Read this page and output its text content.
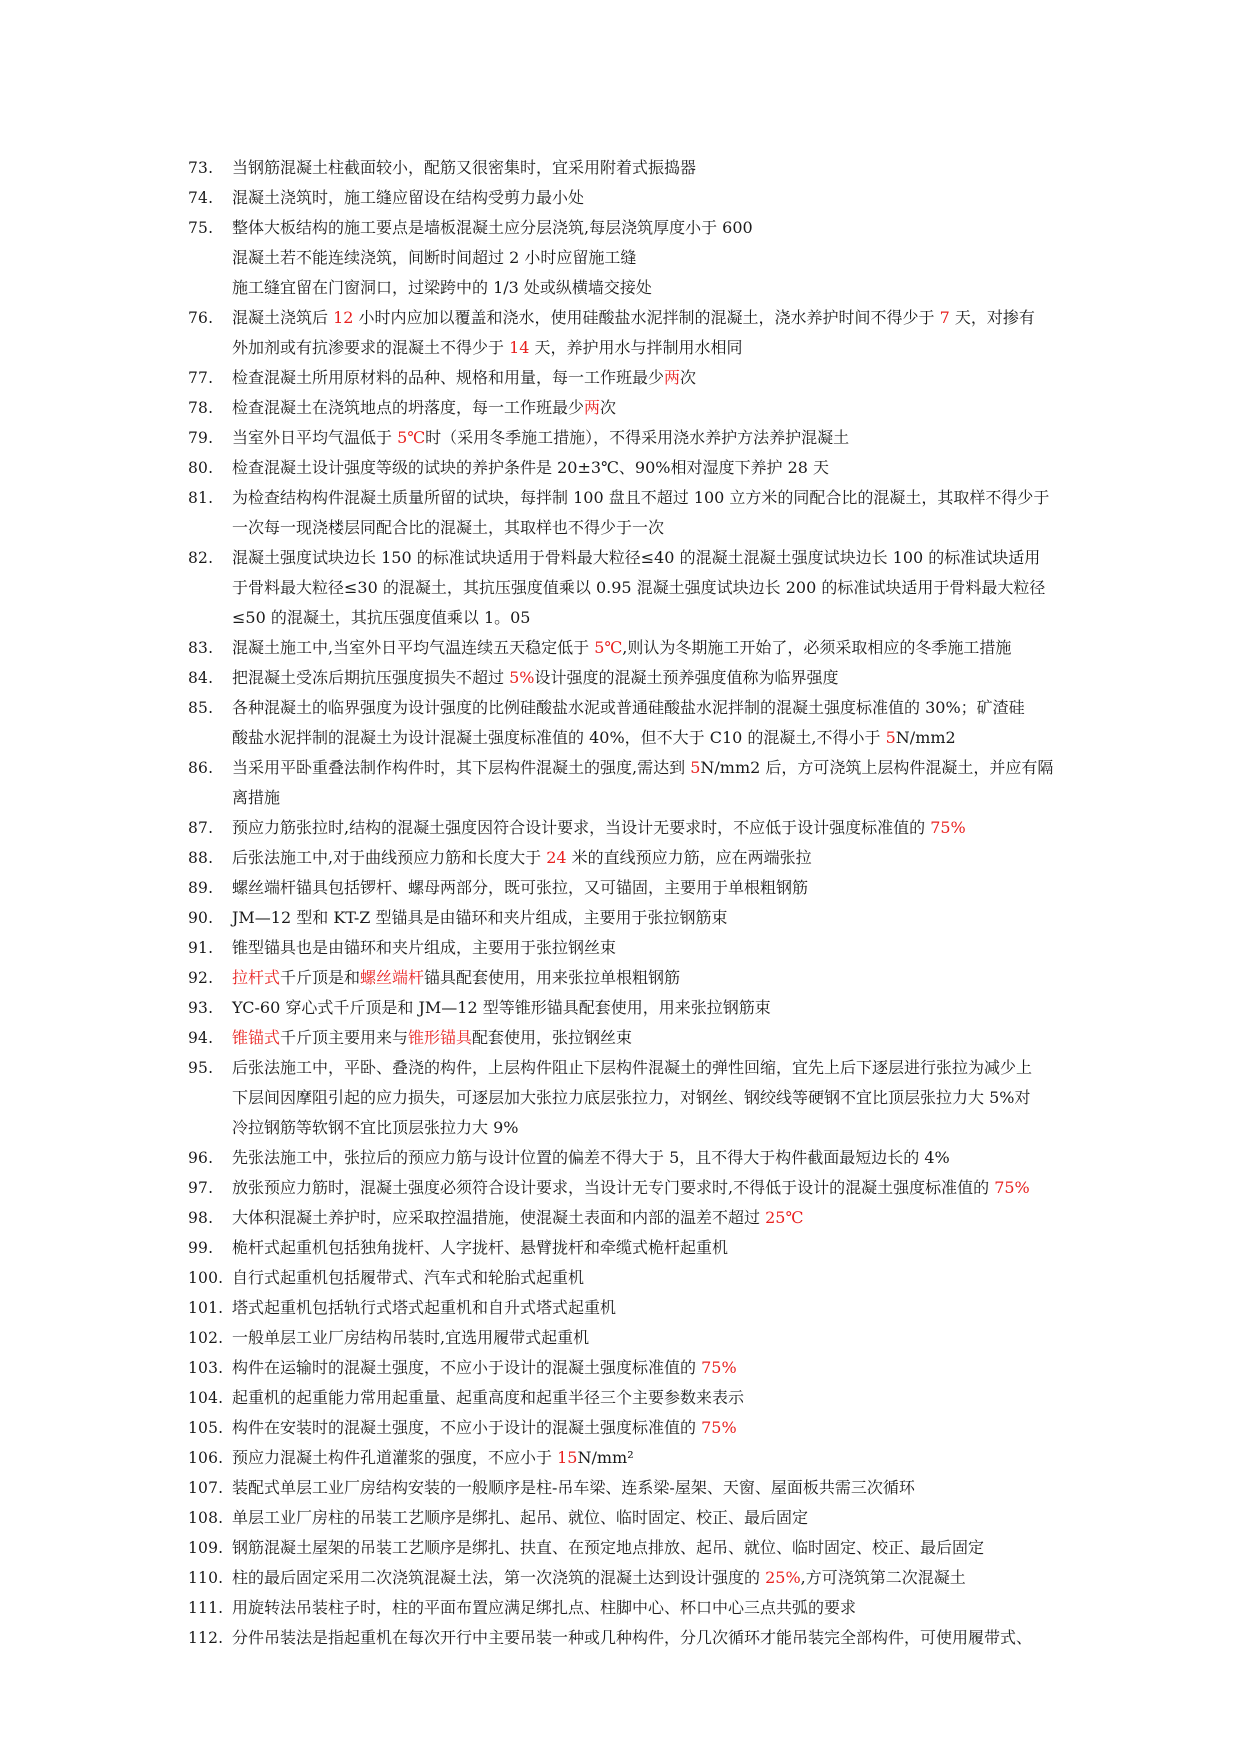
73.	当钢筋混凝土柱截面较小，配筋又很密集时，宜采用附着式振捣器
74.	混凝土浇筑时，施工缝应留设在结构受剪力最小处
75.	整体大板结构的施工要点是墙板混凝土应分层浇筑,每层浇筑厚度小于 600
混凝土若不能连续浇筑，间断时间超过 2 小时应留施工缝
施工缝宜留在门窗洞口，过梁跨中的 1/3 处或纵横墙交接处
76.	混凝土浇筑后 12 小时内应加以覆盖和浇水，使用硅酸盐水泥拌制的混凝土，浇水养护时间不得少于 7 天，对掺有
外加剂或有抗渗要求的混凝土不得少于 14 天，养护用水与拌制用水相同
77.	检查混凝土所用原材料的品种、规格和用量，每一工作班最少两次
78.	检查混凝土在浇筑地点的坍落度，每一工作班最少两次
79.	当室外日平均气温低于 5℃时（采用冬季施工措施），不得采用浇水养护方法养护混凝土
80.	检查混凝土设计强度等级的试块的养护条件是 20±3℃、90%相对湿度下养护 28 天
81.	为检查结构构件混凝土质量所留的试块，每拌制 100 盘且不超过 100 立方米的同配合比的混凝土，其取样不得少于
一次每一现浇楼层同配合比的混凝土，其取样也不得少于一次
82.	混凝土强度试块边长 150 的标准试块适用于骨料最大粒径≤40 的混凝土混凝土强度试块边长 100 的标准试块适用
于骨料最大粒径≤30 的混凝土，其抗压强度值乘以 0.95 混凝土强度试块边长 200 的标准试块适用于骨料最大粒径
≤50 的混凝土，其抗压强度值乘以 1。05
83.	混凝土施工中,当室外日平均气温连续五天稳定低于 5℃,则认为冬期施工开始了，必须采取相应的冬季施工措施
84.	把混凝土受冻后期抗压强度损失不超过 5%设计强度的混凝土预养强度值称为临界强度
85.	各种混凝土的临界强度为设计强度的比例硅酸盐水泥或普通硅酸盐水泥拌制的混凝土强度标准值的 30%；矿渣硅
酸盐水泥拌制的混凝土为设计混凝土强度标准值的 40%，但不大于 C10 的混凝土,不得小于 5N/mm2
86.	当采用平卧重叠法制作构件时，其下层构件混凝土的强度,需达到 5N/mm2 后，方可浇筑上层构件混凝土，并应有隔
离措施
87.	预应力筋张拉时,结构的混凝土强度因符合设计要求，当设计无要求时，不应低于设计强度标准值的 75%
88.	后张法施工中,对于曲线预应力筋和长度大于 24 米的直线预应力筋，应在两端张拉
89.	螺丝端杆锚具包括锣杆、螺母两部分，既可张拉，又可锚固，主要用于单根粗钢筋
90.	JM—12 型和 KT-Z 型锚具是由锚环和夹片组成，主要用于张拉钢筋束
91.	锥型锚具也是由锚环和夹片组成，主要用于张拉钢丝束
92.	拉杆式千斤顶是和螺丝端杆锚具配套使用，用来张拉单根粗钢筋
93.	YC-60 穿心式千斤顶是和 JM—12 型等锥形锚具配套使用，用来张拉钢筋束
94.	锥锚式千斤顶主要用来与锥形锚具配套使用，张拉钢丝束
95.	后张法施工中，平卧、叠浇的构件，上层构件阻止下层构件混凝土的弹性回缩，宜先上后下逐层进行张拉为减少上
下层间因摩阻引起的应力损失，可逐层加大张拉力底层张拉力，对钢丝、钢绞线等硬钢不宜比顶层张拉力大 5%对
冷拉钢筋等软钢不宜比顶层张拉力大 9%
96.	先张法施工中，张拉后的预应力筋与设计位置的偏差不得大于 5，且不得大于构件截面最短边长的 4%
97.	放张预应力筋时，混凝土强度必须符合设计要求，当设计无专门要求时,不得低于设计的混凝土强度标准值的 75%
98.	大体积混凝土养护时，应采取控温措施，使混凝土表面和内部的温差不超过 25℃
99.	桅杆式起重机包括独角拢杆、人字拢杆、悬臂拢杆和牵缆式桅杆起重机
100. 自行式起重机包括履带式、汽车式和轮胎式起重机
101. 塔式起重机包括轨行式塔式起重机和自升式塔式起重机
102. 一般单层工业厂房结构吊装时,宜选用履带式起重机
103. 构件在运输时的混凝土强度，不应小于设计的混凝土强度标准值的 75%
104. 起重机的起重能力常用起重量、起重高度和起重半径三个主要参数来表示
105. 构件在安装时的混凝土强度，不应小于设计的混凝土强度标准值的 75%
106. 预应力混凝土构件孔道灌浆的强度，不应小于 15N/mm²
107. 装配式单层工业厂房结构安装的一般顺序是柱-吊车梁、连系梁-屋架、天窗、屋面板共需三次循环
108. 单层工业厂房柱的吊装工艺顺序是绑扎、起吊、就位、临时固定、校正、最后固定
109. 钢筋混凝土屋架的吊装工艺顺序是绑扎、扶直、在预定地点排放、起吊、就位、临时固定、校正、最后固定
110. 柱的最后固定采用二次浇筑混凝土法，第一次浇筑的混凝土达到设计强度的 25%,方可浇筑第二次混凝土
111. 用旋转法吊装柱子时，柱的平面布置应满足绑扎点、柱脚中心、杯口中心三点共弧的要求
112. 分件吊装法是指起重机在每次开行中主要吊装一种或几种构件，分几次循环才能吊装完全部构件，可使用履带式、
